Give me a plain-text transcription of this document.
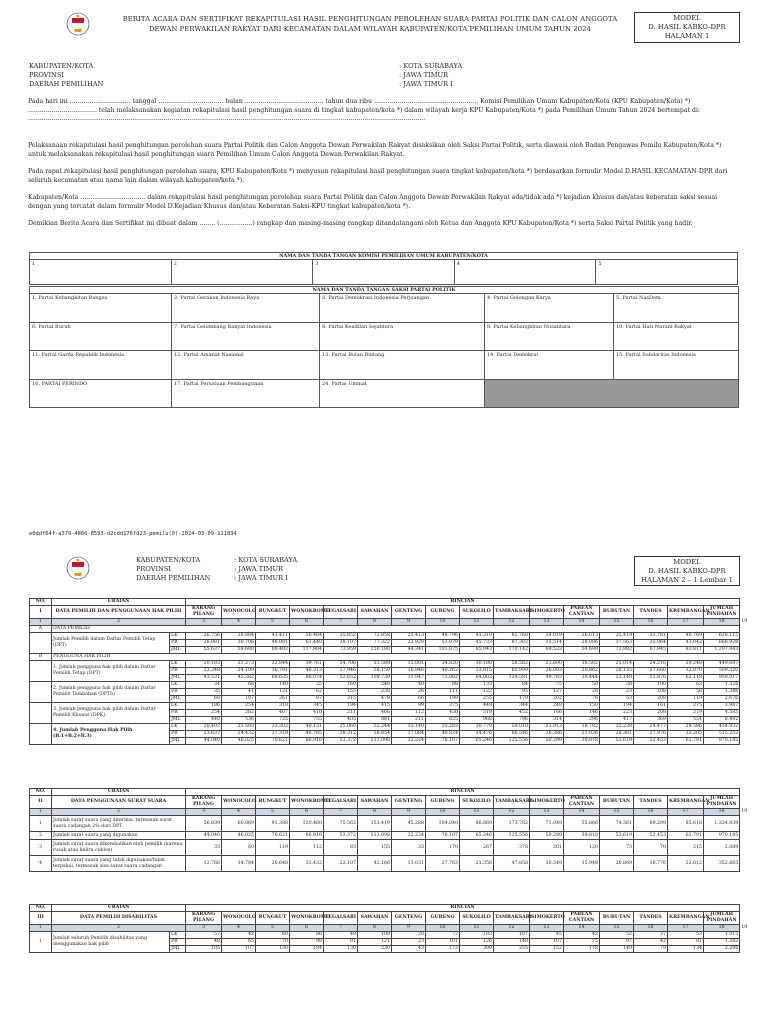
BERITA ACARA DAN SERTIFIKAT REKAPITULASI HASIL PENGHITUNGAN PEROLEHAN SUARA PARTAI POLITIK DAN CALON ANGGOTA
DEWAN PERWAKILAN RAKYAT DARI KECAMATAN DALAM WILAYAH KABUPATEN/KOTA PEMILIHAN UMUM TAHUN 2024
MODEL
D. HASIL KABKO-DPR
HALAMAN 1
KABUPATEN/KOTA	: KOTA SURABAYA
PROVINSI	: JAWA TIMUR
DAERAH PEMILIHAN	: JAWA TIMUR I
Pada hari ini ............................... tanggal ................................. bulan ........................................ tahun dua ribu ...................................................., Komisi Pemilihan Umum Kabupaten/Kota (KPU Kabupaten/Kota) *) ................................... telah melaksanakan kegiatan rekapitulasi hasil penghitungan suara di tingkat kabupaten/kota *) dalam wilayah kerja KPU Kabupaten/Kota *) pada Pemilihan Umum Tahun 2024 bertempat di: ..........................................................................................................................................................................................................
Pelaksanaan rekapitulasi hasil penghitungan perolehan suara Partai Politik dan Calon Anggota Dewan Perwakilan Rakyat disaksikan oleh Saksi Partai Politik, serta diawasi oleh Badan Pengawas Pemilu Kabupaten/Kota *) untuk melaksanakan rekapitulasi hasil penghitungan suara Pemilihan Umum Calon Anggota Dewan Perwakilan Rakyat.
Pada rapat rekapitulasi hasil penghitungan perolehan suara, KPU Kabupaten/Kota *) menyusun rekapitulasi hasil penghitungan suara tingkat kabupaten/kota *) berdasarkan formulir Model D.HASIL KECAMATAN-DPR dari seluruh kecamatan atau nama lain dalam wilayah kabupaten/kota *).
Kabupaten/Kota ................................. dalam rekapitulasi hasil penghitungan perolehan suara Partai Politik dan Calon Anggota Dewan Perwakilan Rakyat ada/tidak ada *) kejadian khusus dan/atau keberatan saksi sesuai dengan yang tercatat dalam formulir Model D.Kejadian Khusus dan/atau Keberatan Saksi-KPU tingkat kabupaten/kota *).
Demikian Berita Acara dan Sertifikat ini dibuat dalam ........ (…………….) rangkap dan masing-masing rangkap ditandatangani oleh Ketua dan Anggota KPU Kabupaten/Kota *) serta Saksi Partai Politik yang hadir.
NAMA DAN TANDA TANGAN KOMISI PEMILIHAN UMUM KABUPATEN/KOTA
1	2	3	4	5
NAMA DAN TANDA TANGAN SAKSI PARTAI POLITIK				
1. Partai Kebangkitan Bangsa	2. Partai Gerakan Indonesia Raya	3. Partai Demokrasi Indonesia Perjuangan	4. Partai Golongan Karya	5. Partai NasDem

6. Partai Buruh	7. Partai Gelombang Rakyat Indonesia	8. Partai Keadilan Sejahtera	9. Partai Kebangkitan Nusantara	10. Partai Hati Nurani Rakyat

11. Partai Garda Republik Indonesia	12. Partai Amanat Nasional	13. Partai Bulan Bintang	14. Partai Demokrat	15. Partai Solidaritas Indonesia

16. PARTAI PERINDO	17. Partai Persatuan Pembangunan	24. Partai Ummat		

e0ddf64f-a379-4866-8593-d2cdd176fd23-pemilu(0)-2024-03-09-111834
KABUPATEN/KOTA	: KOTA SURABAYA
PROVINSI	: JAWA TIMUR
DAERAH PEMILIHAN	: JAWA TIMUR I
MODEL
D. HASIL KABKO-DPR
HALAMAN 2 – 1 Lembar 1
NO.	URAIAN		RINCIAN																
I	DATA PEMILIH DAN PENGGUNAAN HAK PILIH		KARANG PILANG	WONOCOLO	RUNGKUT	WONOKROMO	TEGALSARI	SAWAHAN	GENTENG	GUBENG	SUKOLILO	TAMBAKSARI	SIMOKERTO	PABEAN CANTIAN	BUBUTAN	TANDES	KREMBANGAN	JUMLAH PINDAHAN	
1	2		3	4	5	6	7	8	9	10	11	12	13	14	15	16	17	18	19
A	DATA PEMILIH																		
	Jumlah Pemilih dalam Daftar Pemilih Tetap (DPT)	LK	26.756	28.884	43.411	56.464	35.852	72.858	21.413	48.796	41.310	82.760	34.019	26.613	35.419	32.781	40.769	628.115	
		PR	28.881	30.706	46.081	61.440	38.107	77.322	22.928	53.079	45.733	87.382	35.514	28.086	37.563	35.064	43.042	668.928	
		JML	55.637	59.600	89.492	117.904	73.959	150.180	44.341	101.875	85.043	170.142	69.533	54.699	72.982	67.845	83.811	1.297.043	
B	PENGGUNA HAK PILIH																		
	1. Jumlah pengguna hak pilih dalam Daftar Pemilih Tetap (DPT)	LK	20.183	21.273	32.844	39.761	24.706	51.589	15.001	34.820	30.188	58.582	23.690	18.582	25.014	24.216	29.248	449.697	
		PR	23.348	24.109	36.791	46.313	27.946	58.150	16.946	40.262	33.815	65.999	26.093	20.862	28.135	27.660	32.870	509.320	
		JML	43.531	45.382	69.635	86.074	52.652	109.739	31.947	75.082	64.003	124.581	49.783	39.444	53.149	51.876	62.118	959.017	
	2. Jumlah pengguna hak pilih dalam Daftar Pemilih Tambahan (DPTb)	LK	34	66	140	25	160	240	40	88	133	84	75	50	30	100	63	1.328	
		PR	35	41	121	62	155	238	26	111	122	95	127	28	23	108	56	1.348	
		JML	69	107	261	87	315	478	66	199	255	179	202	78	53	208	119	2.676	
	3. Jumlah pengguna hak pilih dalam Daftar Pemilih Khusus (DPK)	LK	186	254	318	345	194	415	99	375	449	344	248	150	194	161	275	3.987	
		PR	254	282	407	410	211	466	112	450	519	452	166	146	223	208	279	4.585	
		JML	440	536	725	755	405	881	211	825	968	796	314	296	417	369	554	8.492	
	4. Jumlah Pengguna Hak Pilih (B.1+B.2+B.3)	LK	20.403	21.593	33.302	40.131	25.060	52.244	15.140	35.283	30.770	59.010	23.913	18.782	25.238	24.477	29.586	454.932	
		PR	23.637	24.432	37.319	46.785	28.312	58.854	17.084	40.824	34.476	66.546	26.386	21.036	28.381	27.976	33.205	515.253	
		JML	44.040	46.025	70.621	86.916	53.372	111.098	32.224	76.107	65.246	125.556	50.299	39.818	53.619	52.453	62.791	970.185	
NO.	URAIAN	RINCIAN																
II	DATA PENGGUNAAN SURAT SUARA	KARANG PILANG	WONOCOLO	RUNGKUT	WONOKROMO	TEGALSARI	SAWAHAN	GENTENG	GUBENG	SUKOLILO	TAMBAKSARI	SIMOKERTO	PABEAN CANTIAN	BUBUTAN	TANDES	KREMBANGAN	JUMLAH PINDAHAN	
1	2	3	4	5	6	7	8	9	10	11	12	13	14	15	16	17	18	19
1	Jumlah surat suara yang diterima, termasuk surat suara cadangan 2% dari DPT	56.839	60.869	91.388	120.460	75.562	153.419	45.288	104.040	86.869	173.782	71.049	55.866	74.561	69.299	85.618	1.324.939	
2	Jumlah surat suara yang digunakan	44.040	46.025	70.621	86.916	53.372	111.098	32.224	76.107	65.246	125.556	50.299	39.818	53.619	52.453	62.791	970.185	
3	Jumlah surat suara dikembalikan oleh pemilih (karena rusak atau keliru coblos)	33	60	119	112	83	155	33	170	267	378	201	120	73	70	215	2.089	
4	Jumlah surat suara yang tidak digunakan/tidak terpakai, termasuk sisa surat suara cadangan	12.766	14.784	20.648	33.432	22.107	42.166	13.031	27.763	21.356	47.858	20.549	15.948	20.869	16.776	22.612	352.665	
NO.	URAIAN		RINCIAN																
III	DATA PEMILIH DISABILITAS		KARANG PILANG	WONOCOLO	RUNGKUT	WONOKROMO	TEGALSARI	SAWAHAN	GENTENG	GUBENG	SUKOLILO	TAMBAKSARI	SIMOKERTO	PABEAN CANTIAN	BUBUTAN	TANDES	KREMBANGAN	JUMLAH PINDAHAN	
1	2		3	4	5	6	7	8	9	10	11	12	13	14	15	16	17	18	19
1	Jumlah seluruh Pemilih disabilitas yang menggunakan hak pilih	LK	57	42	60	86	49	109	20	72	183	107	45	43	52	37	53	1.015	
		PR	48	65	70	98	81	121	23	101	126	148	107	75	97	42	81	1.283	
		JML	105	107	130	184	130	230	43	173	309	255	152	118	149	79	134	2.298	
